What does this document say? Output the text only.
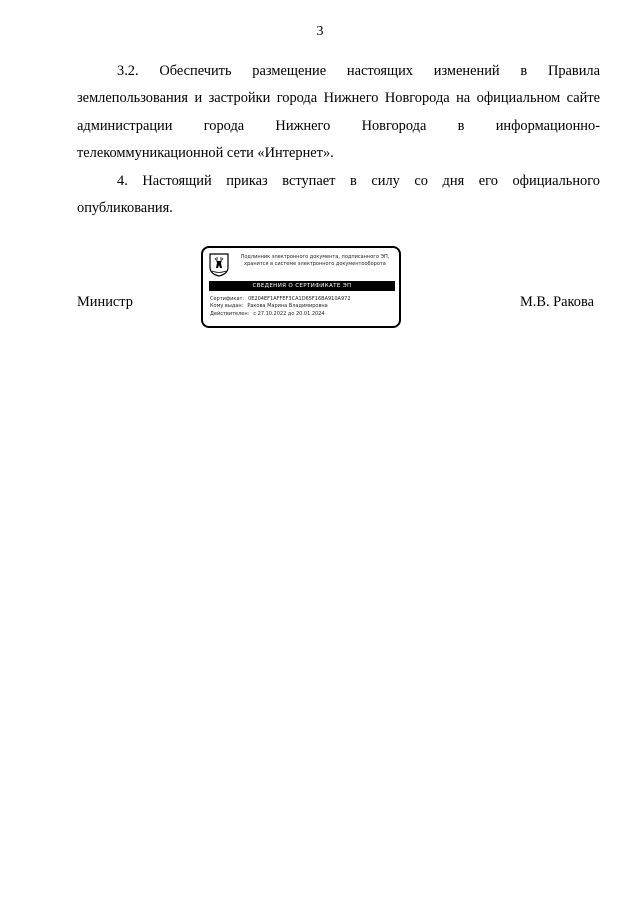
3

3.2. Обеспечить размещение настоящих изменений в Правила землепользования и застройки города Нижнего Новгорода на официальном сайте администрации города Нижнего Новгорода в информационно-телекоммуникационной сети «Интернет».

4. Настоящий приказ вступает в силу со дня его официального опубликования.

Министр
Подлинник электронного документа, подписанного ЭП, хранится в системе электронного документооборота
СВЕДЕНИЯ О СЕРТИФИКАТЕ ЭП
Сертификат: 0E204EF1AFFEF3CA1D65F16BA910A972
Кому выдан: Ракова Марина Владимировна
Действителен: с 27.10.2022 до 20.01.2024
М.В. Ракова
